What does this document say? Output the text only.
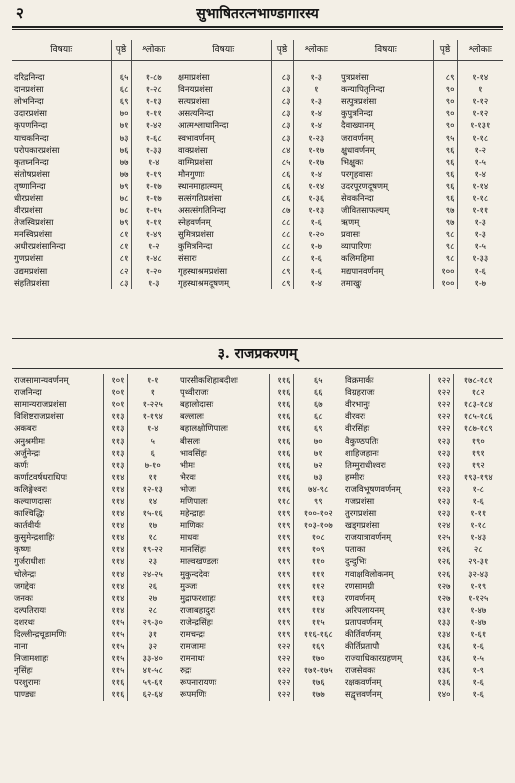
२	सुभाषितरत्नभाण्डागारस्य
विषयाः	पृष्ठे	श्लोकाः	विषयाः	पृष्ठे	श्लोकाः	विषयाः	पृष्ठे	श्लोकाः

दरिद्रनिन्दा	६५	१-८७	क्षमाप्रशंसा	८३	१-३	पुत्रप्रशंसा	८९	१-१४
दानप्रशंसा	६८	१-२८	विनयप्रशंसा	८३	१	कन्यापितृनिन्दा	९०	१
लोभनिन्दा	६९	१-१३	सत्यप्रशंसा	८३	१-३	सत्पुत्रप्रशंसा	९०	१-१२
उदारप्रशंसा	७०	१-११	असत्यनिन्दा	८३	१-४	कुपुत्रनिन्दा	९०	१-१२
कृपणनिन्दा	७१	१-४२	आत्मश्लाघानिन्दा	८३	१-४	दैवाख्यानम्	९०	१-१३१
याचकनिन्दा	७३	१-६८	स्वभावर्णनम्	८३	१-२३	जरावर्णनम्	९५	१-१८
परोपकारप्रशंसा	७६	१-३३	वाक्प्रशंसा	८४	१-१७	क्षुधावर्णनम्	९६	१-२
कृतघ्ननिन्दा	७७	१-४	वाग्मिप्रशंसा	८५	१-१७	भिक्षुकः	९६	१-५
संतोषप्रशंसा	७७	१-१९	मौनगुणाः	८६	१-४	परगृहवासः	९६	१-४
तृष्णानिन्दा	७९	१-१७	स्थानमाहात्म्यम्	८६	१-१४	उदरपूरणदूषणम्	९६	१-१४
धीरप्रशंसा	७८	१-१७	सत्संगतिप्रशंसा	८६	१-३६	सेवकनिन्दा	९६	१-१८
वीरप्रशंसा	७८	१-१५	असत्संगतिनिन्दा	८७	१-१३	जीवितसाफल्यम्	९७	१-११
तेजस्विप्रशंसा	७९	१-११	स्नेहवर्णनम्	८८	१-६	ऋणम्	९७	१-३
मनस्विप्रशंसा	८१	१-४९	सुमित्रप्रशंसा	८८	१-२०	प्रवासः	९८	१-३
अधीरप्रशंसानिन्दा	८१	१-२	कुमित्रनिन्दा	८८	१-७	व्यापारिणः	९८	१-५
गुणप्रशंसा	८१	१-४८	संसारः	८८	१-६	कलिमहिमा	९८	१-३३
उद्यमप्रशंसा	८२	१-२०	गृहस्थाश्रमप्रशंसा	८९	१-६	मद्यपानवर्णनम्	१००	१-६
संहतिप्रशंसा	८३	१-३	गृहस्थाश्रमदूषणम्	८९	१-४	तमाखुः	१००	१-७
३. राजप्रकरणम्
राजसामान्यवर्णनम्	१०१	१-१	पारसीकशिहाबदीशः	११६	६५	विक्रमार्कः	१२२	१७८-१८१
राजनिन्दा	१०१	१	पृथ्वीराजः	११६	६६	विग्रहराजः	१२२	१८२
सामान्यराजप्रशंसा	१०१	१-२२५	बहालोदासः	११६	६७	वीरभानुः	१२२	१८३-१८४
विशिष्टराजप्रशंसा	११३	१-१९४	बल्लालः	११६	६८	वीरवरः	१२२	१८५-१८६
अकबरः	११३	१-४	बहालक्षोणिपालः	११६	६९	वीरसिंहः	१२२	१८७-१८९
अनुश्रमीमः	११३	५	बीसलः	११६	७०	वैकुण्ठपतिः	१२३	१९०
अर्जुनेन्द्रः	११३	६	भावसिंहः	११६	७१	शाहिजहानः	१२३	१९१
कर्णः	११३	७-१०	भीमः	११६	७२	तिम्मुराधीश्वरः	१२३	१९२
कर्णाटवर्षधराधिपः	११४	११	भैरवः	११६	७३	हम्मीरः	१२३	१९३-१९४
कलिङ्गेश्वरः	११४	१२-१३	भोजः	११६	७४-९८	राजविभूषणवर्णनम्	१२३	१-८
कल्याणदासः	११४	१४	मणिपालः	११८	९९	गजप्रशंसा	१२३	१-६
काश्चिद्धिः	११४	१५-१६	महेन्द्राहः	११९	१००-१०२	तुरगप्रशंसा	१२३	१-११
कार्तवीर्यः	११४	१७	माणिकः	११९	१०३-१०७	खड्गप्रशंसा	१२४	१-१८
कुसुमेन्द्रशाहिः	११४	१८	माधवः	११९	१०८	राजयात्रावर्णनम्	१२५	१-४३
कृष्णः	११४	१९-२२	मानसिंहः	११९	१०९	पताका	१२६	२८
गुर्जराधीशः	११४	२३	माल्वखण्डलः	११९	११०	दुन्दुभिः	१२६	२९-३१
चोलेन्द्रः	११४	२४-२५	मुकुन्ददेवः	११९	१११	गवाक्षविलोकनम्	१२६	३२-४३
जगद्देवः	११४	२६	मुञ्जः	११९	११२	रणसामग्री	१२७	१-१९
जनकः	११४	२७	मुद्राफरशाहः	११९	११३	रणवर्णनम्	१२७	१-१२५
दल्पतिरायः	११४	२८	राजाबहादुरः	११९	११४	अरिपलायनम्	१३१	१-४७
दशरथः	११५	२९-३०	राजेन्द्रसिंहः	११९	११५	प्रतापवर्णनम्	१३३	१-४७
दिल्लीन्द्रचूडामणिः	११५	३१	रामचन्द्रः	११९	११६-१६८	कीर्तिवर्णनम्	१३४	१-६१
नाना	११५	३२	रामजामः	१२२	१६९	कीर्तिप्रतापौ	१३६	१-६
निजामशाहः	११५	३३-४०	रामनाथः	१२२	१७०	राज्याधिकारग्रहणम्	१३६	१-५
नृसिंहः	११५	४१-५८	रुद्रः	१२२	१७१-१७५	राजसेवकः	१३६	१-९
परशुरामः	११६	५९-६१	रूपनारायणः	१२२	१७६	रक्षकवर्णनम्	१३६	१-६
पाण्ड्यः	११६	६२-६४	रूपमणिः	१२२	१७७	सद्वृत्तवर्णनम्	१४०	१-६
